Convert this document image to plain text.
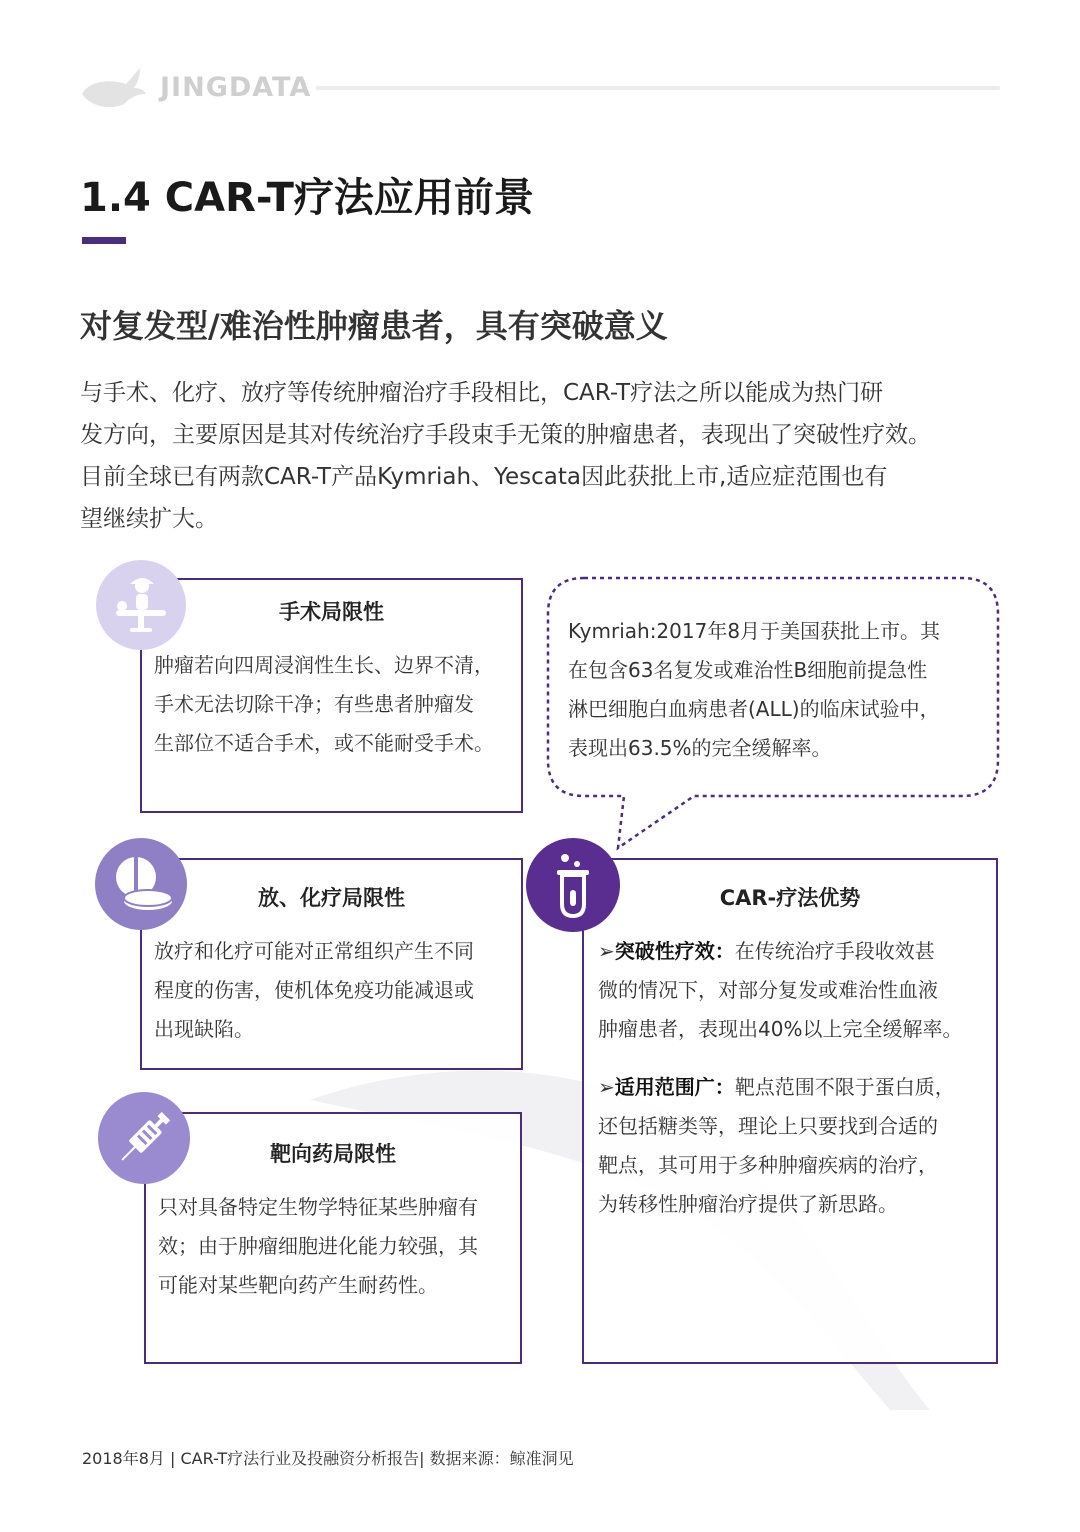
JINGDATA
1.4 CAR-T疗法应用前景
对复发型/难治性肿瘤患者，具有突破意义
与手术、化疗、放疗等传统肿瘤治疗手段相比，CAR-T疗法之所以能成为热门研
发方向，主要原因是其对传统治疗手段束手无策的肿瘤患者，表现出了突破性疗效。
目前全球已有两款CAR-T产品Kymriah、Yescata因此获批上市,适应症范围也有
望继续扩大。
手术局限性
肿瘤若向四周浸润性生长、边界不清，
手术无法切除干净；有些患者肿瘤发
生部位不适合手术，或不能耐受手术。
放、化疗局限性
放疗和化疗可能对正常组织产生不同
程度的伤害，使机体免疫功能减退或
出现缺陷。
靶向药局限性
只对具备特定生物学特征某些肿瘤有
效；由于肿瘤细胞进化能力较强，其
可能对某些靶向药产生耐药性。
Kymriah:2017年8月于美国获批上市。其
在包含63名复发或难治性B细胞前提急性
淋巴细胞白血病患者(ALL)的临床试验中，
表现出63.5%的完全缓解率。
CAR-疗法优势
➢突破性疗效：在传统治疗手段收效甚
微的情况下，对部分复发或难治性血液
肿瘤患者，表现出40%以上完全缓解率。
➢适用范围广：靶点范围不限于蛋白质，
还包括糖类等，理论上只要找到合适的
靶点，其可用于多种肿瘤疾病的治疗，
为转移性肿瘤治疗提供了新思路。
2018年8月 | CAR-T疗法行业及投融资分析报告| 数据来源：鲸准洞见
